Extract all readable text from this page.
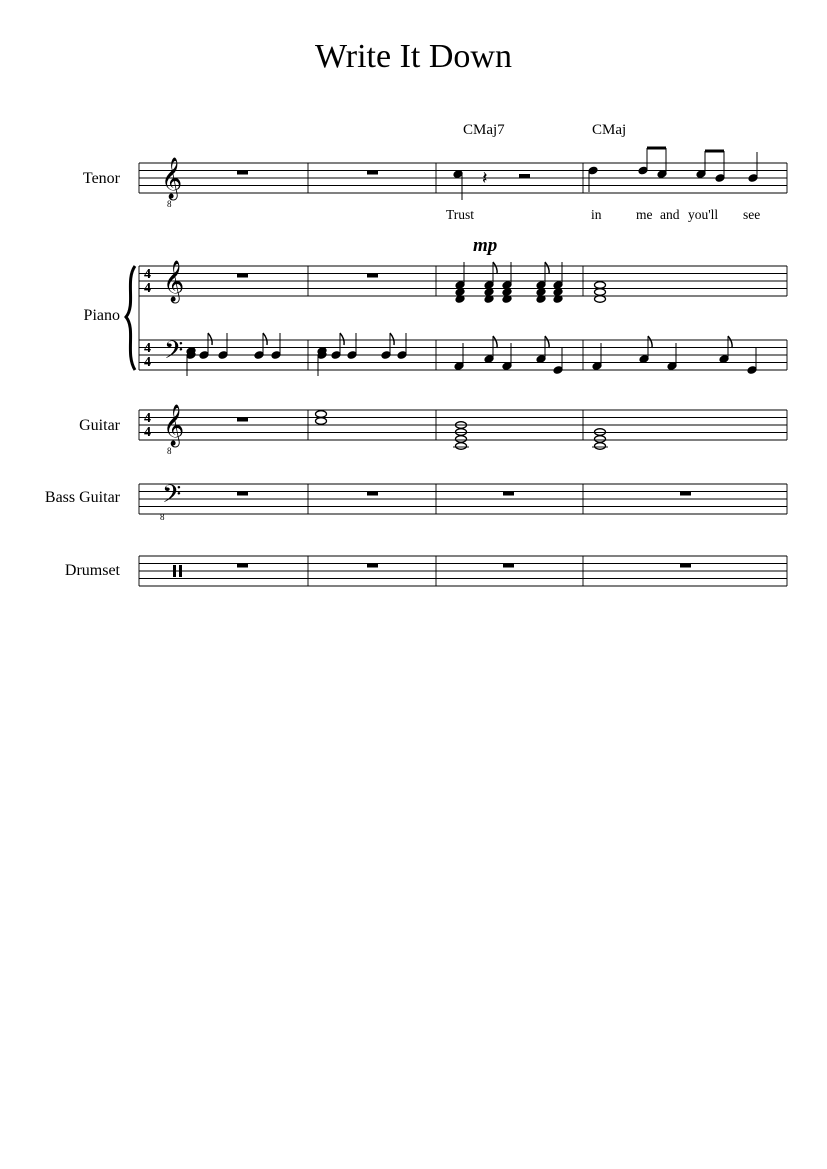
Write It Down
Tenor
Piano
Guitar
Bass Guitar
Drumset
CMaj7	CMaj
Trust	in	me and you'll see
𝄞
8
𝄽
mp
𝄞
𝄢
4
4
4
4
𝄞
8
4
4
𝄢
8
